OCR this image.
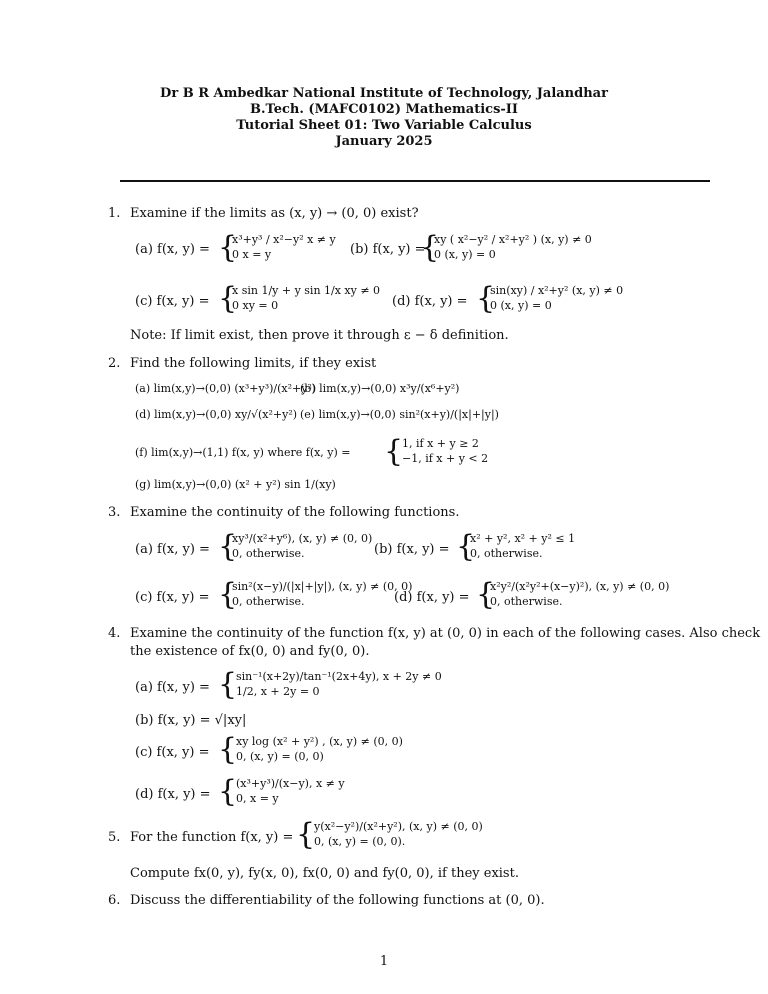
Dr B R Ambedkar National Institute of Technology, Jalandhar
B.Tech. (MAFC0102) Mathematics-II
Tutorial Sheet 01: Two Variable Calculus
January 2025
1. Examine if the limits as (x, y) → (0, 0) exist?
(a) f(x, y) = {
x³+y³ / x²−y² x ≠ y
0 x = y	(b) f(x, y) =
{
xy ( x²−y² / x²+y² ) (x, y) ≠ 0
0 (x, y) = 0
(c) f(x, y) = {
x sin 1/y + y sin 1/x xy ≠ 0
0 xy = 0	(d) f(x, y) = {
sin(xy) / x²+y² (x, y) ≠ 0
0 (x, y) = 0
Note: If limit exist, then prove it through ε − δ definition.
2. Find the following limits, if they exist
(a) lim(x,y)→(0,0) (x³+y³)/(x²+y²)
(b) lim(x,y)→(0,0) x³y/(x⁶+y²)
(d) lim(x,y)→(0,0) xy/√(x²+y²) (e) lim(x,y)→(0,0) sin²(x+y)/(|x|+|y|)
(f) lim(x,y)→(1,1) f(x, y) where f(x, y) = {
1, if x + y ≥ 2
−1, if x + y < 2
(g) lim(x,y)→(0,0) (x² + y²) sin 1/(xy)
3. Examine the continuity of the following functions.
(a) f(x, y) = {
xy³/(x²+y⁶), (x, y) ≠ (0, 0)
0, otherwise.	(b) f(x, y) = {
x² + y², x² + y² ≤ 1
0, otherwise.
(c) f(x, y) = {
sin²(x−y)/(|x|+|y|), (x, y) ≠ (0, 0)
0, otherwise.	(d) f(x, y) = {
x²y²/(x²y²+(x−y)²), (x, y) ≠ (0, 0)
0, otherwise.
4. Examine the continuity of the function f(x, y) at (0, 0) in each of the following cases. Also check
the existence of fx(0, 0) and fy(0, 0).
(a) f(x, y) = {
sin⁻¹(x+2y)/tan⁻¹(2x+4y), x + 2y ≠ 0
1/2, x + 2y = 0
(b) f(x, y) = √|xy|
(c) f(x, y) = {
xy log (x² + y²) , (x, y) ≠ (0, 0)
0, (x, y) = (0, 0)
(d) f(x, y) = {
(x³+y³)/(x−y), x ≠ y
0, x = y
5. For the function f(x, y) = {
y(x²−y²)/(x²+y²), (x, y) ≠ (0, 0)
0, (x, y) = (0, 0).
Compute fx(0, y), fy(x, 0), fx(0, 0) and fy(0, 0), if they exist.
6. Discuss the differentiability of the following functions at (0, 0).
1
